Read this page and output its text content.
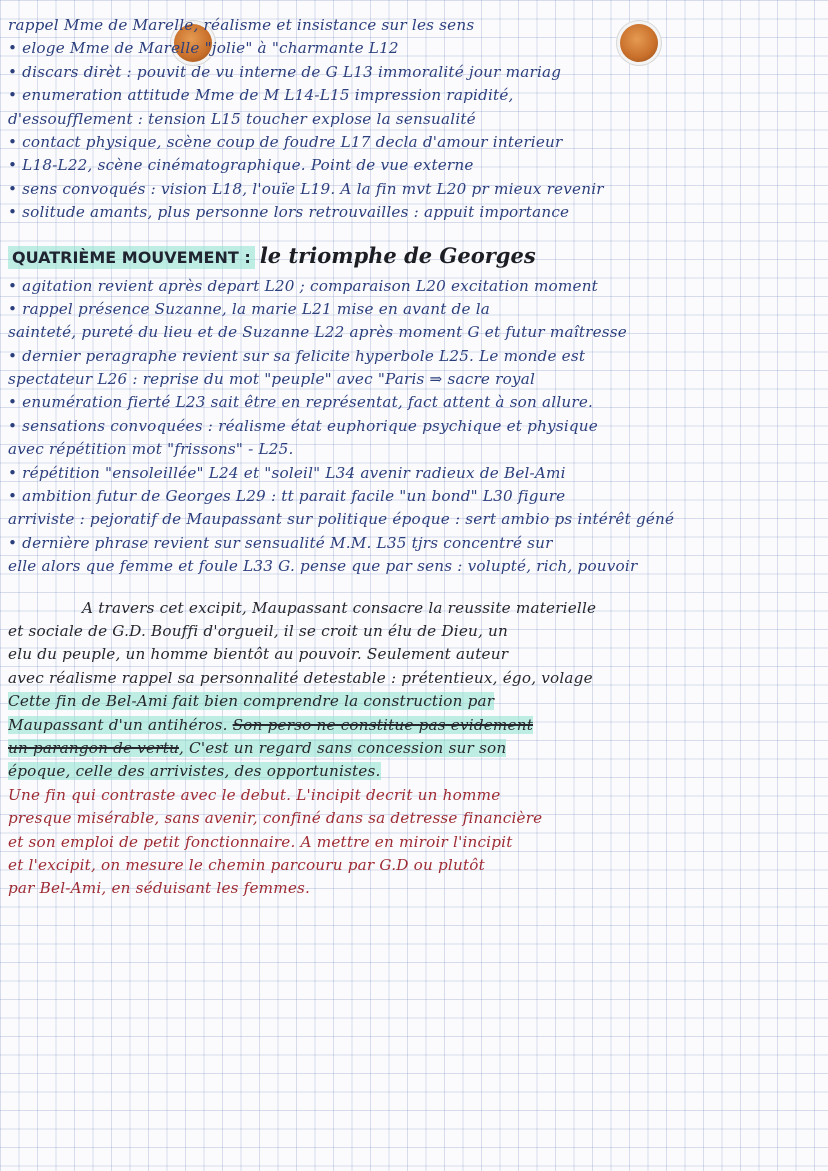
rappel Mme de Marelle, réalisme et insistance sur les sens
• eloge Mme de Marelle "jolie" à "charmante L12
• discars dirèt : pouvit de vu interne de G L13 immoralité jour mariag
• enumeration attitude Mme de M L14-L15 impression rapidité,
d'essoufflement : tension L15 toucher explose la sensualité
• contact physique, scène coup de foudre L17 decla d'amour interieur
• L18-L22, scène cinématographique. Point de vue externe
• sens convoqués : vision L18, l'ouïe L19. A la fin mvt L20 pr mieux revenir
• solitude amants, plus personne lors retrouvailles : appuit importance
QUATRIÈME MOUVEMENT : le triomphe de Georges
• agitation revient après depart L20 ; comparaison L20 excitation moment
• rappel présence Suzanne, la marie L21 mise en avant de la
sainteté, pureté du lieu et de Suzanne L22 après moment G et futur maîtresse
• dernier peragraphe revient sur sa felicite hyperbole L25. Le monde est
spectateur L26 : reprise du mot "peuple" avec "Paris ⇒ sacre royal
• enumération fierté L23 sait être en représentat, fact attent à son allure.
• sensations convoquées : réalisme état euphorique psychique et physique
avec répétition mot "frissons" - L25.
• répétition "ensoleillée" L24 et "soleil" L34 avenir radieux de Bel-Ami
• ambition futur de Georges L29 : tt parait facile "un bond" L30 figure
arriviste : pejoratif de Maupassant sur politique époque : sert ambio ps intérêt géné
• dernière phrase revient sur sensualité M.M. L35 tjrs concentré sur
elle alors que femme et foule L33 G. pense que par sens : volupté, rich, pouvoir
A travers cet excipit, Maupassant consacre la reussite materielle
et sociale de G.D. Bouffi d'orgueil, il se croit un élu de Dieu, un
elu du peuple, un homme bientôt au pouvoir. Seulement auteur
avec réalisme rappel sa personnalité detestable : prétentieux, égo, volage
Cette fin de Bel-Ami fait bien comprendre la construction par
Maupassant d'un antihéros. Son perso ne constitue pas evidement
un parangon de vertu, C'est un regard sans concession sur son
époque, celle des arrivistes, des opportunistes.
Une fin qui contraste avec le debut. L'incipit decrit un homme
presque misérable, sans avenir, confiné dans sa detresse financière
et son emploi de petit fonctionnaire. A mettre en miroir l'incipit
et l'excipit, on mesure le chemin parcouru par G.D ou plutôt
par Bel-Ami, en séduisant les femmes.
